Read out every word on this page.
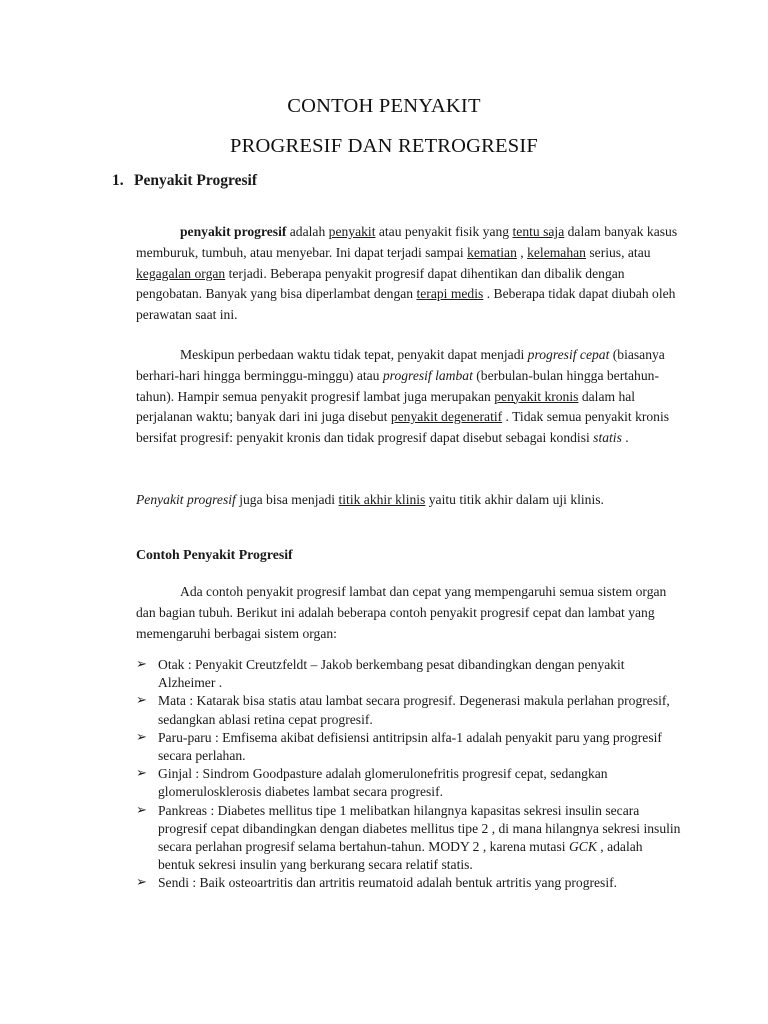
CONTOH PENYAKIT
PROGRESIF DAN RETROGRESIF
1. Penyakit Progresif

penyakit progresif adalah penyakit atau penyakit fisik yang tentu saja dalam banyak kasus memburuk, tumbuh, atau menyebar. Ini dapat terjadi sampai kematian , kelemahan serius, atau kegagalan organ terjadi. Beberapa penyakit progresif dapat dihentikan dan dibalik dengan pengobatan. Banyak yang bisa diperlambat dengan terapi medis . Beberapa tidak dapat diubah oleh perawatan saat ini.

Meskipun perbedaan waktu tidak tepat, penyakit dapat menjadi progresif cepat (biasanya berhari-hari hingga berminggu-minggu) atau progresif lambat (berbulan-bulan hingga bertahun-tahun). Hampir semua penyakit progresif lambat juga merupakan penyakit kronis dalam hal perjalanan waktu; banyak dari ini juga disebut penyakit degeneratif . Tidak semua penyakit kronis bersifat progresif: penyakit kronis dan tidak progresif dapat disebut sebagai kondisi statis .

Penyakit progresif juga bisa menjadi titik akhir klinis yaitu titik akhir dalam uji klinis.

Contoh Penyakit Progresif

Ada contoh penyakit progresif lambat dan cepat yang mempengaruhi semua sistem organ dan bagian tubuh. Berikut ini adalah beberapa contoh penyakit progresif cepat dan lambat yang memengaruhi berbagai sistem organ:

➢ Otak : Penyakit Creutzfeldt – Jakob berkembang pesat dibandingkan dengan penyakit Alzheimer .
➢ Mata : Katarak bisa statis atau lambat secara progresif. Degenerasi makula perlahan progresif, sedangkan ablasi retina cepat progresif.
➢ Paru-paru : Emfisema akibat defisiensi antitripsin alfa-1 adalah penyakit paru yang progresif secara perlahan.
➢ Ginjal : Sindrom Goodpasture adalah glomerulonefritis progresif cepat, sedangkan glomerulosklerosis diabetes lambat secara progresif.
➢ Pankreas : Diabetes mellitus tipe 1 melibatkan hilangnya kapasitas sekresi insulin secara progresif cepat dibandingkan dengan diabetes mellitus tipe 2 , di mana hilangnya sekresi insulin secara perlahan progresif selama bertahun-tahun. MODY 2 , karena mutasi GCK , adalah bentuk sekresi insulin yang berkurang secara relatif statis.
➢ Sendi : Baik osteoartritis dan artritis reumatoid adalah bentuk artritis yang progresif.
